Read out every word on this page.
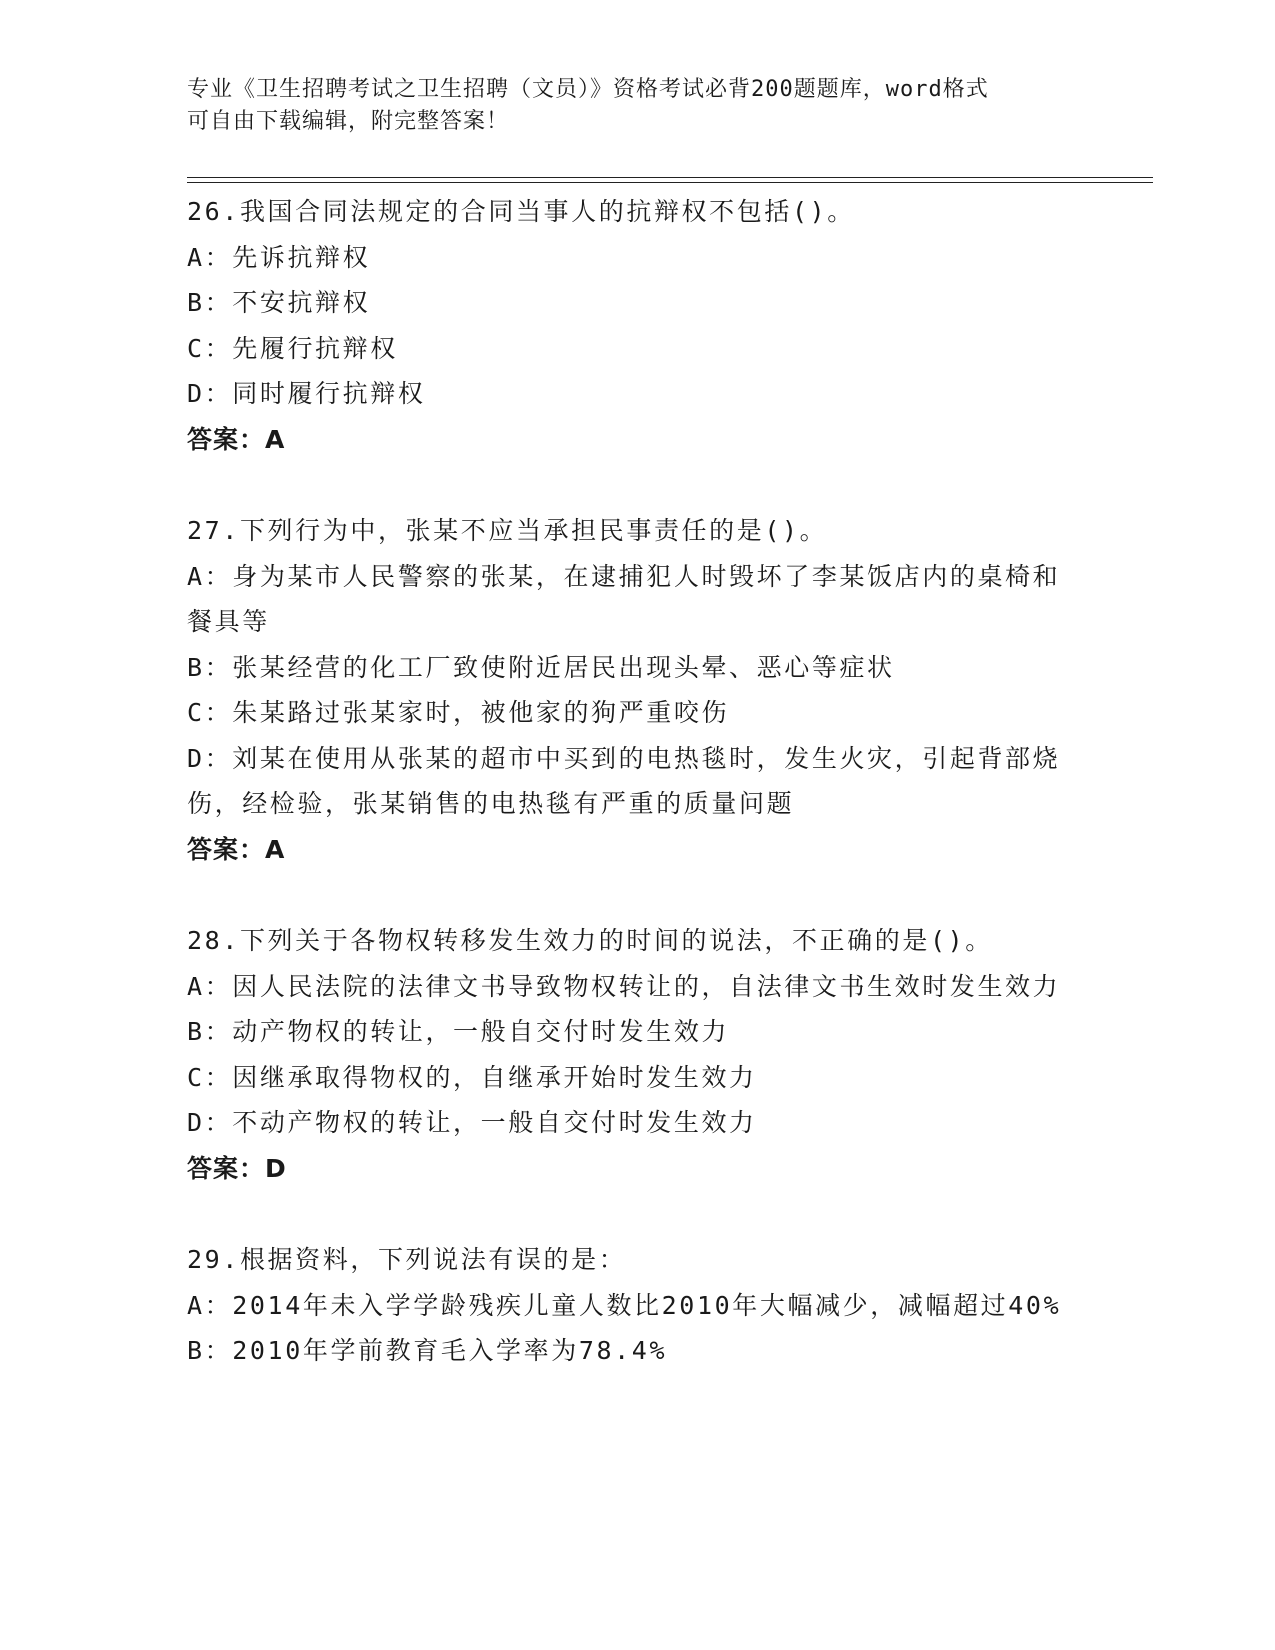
专业《卫生招聘考试之卫生招聘（文员）》资格考试必背200题题库，word格式
可自由下载编辑，附完整答案！

26.我国合同法规定的合同当事人的抗辩权不包括()。

A：先诉抗辩权

B：不安抗辩权

C：先履行抗辩权

D：同时履行抗辩权

答案：A

27.下列行为中，张某不应当承担民事责任的是()。

A：身为某市人民警察的张某，在逮捕犯人时毁坏了李某饭店内的桌椅和餐具等

B：张某经营的化工厂致使附近居民出现头晕、恶心等症状

C：朱某路过张某家时，被他家的狗严重咬伤

D：刘某在使用从张某的超市中买到的电热毯时，发生火灾，引起背部烧伤，经检验，张某销售的电热毯有严重的质量问题

答案：A

28.下列关于各物权转移发生效力的时间的说法，不正确的是()。

A：因人民法院的法律文书导致物权转让的，自法律文书生效时发生效力

B：动产物权的转让，一般自交付时发生效力

C：因继承取得物权的，自继承开始时发生效力

D：不动产物权的转让，一般自交付时发生效力

答案：D

29.根据资料，下列说法有误的是：

A：2014年未入学学龄残疾儿童人数比2010年大幅减少，减幅超过40%

B：2010年学前教育毛入学率为78.4%
